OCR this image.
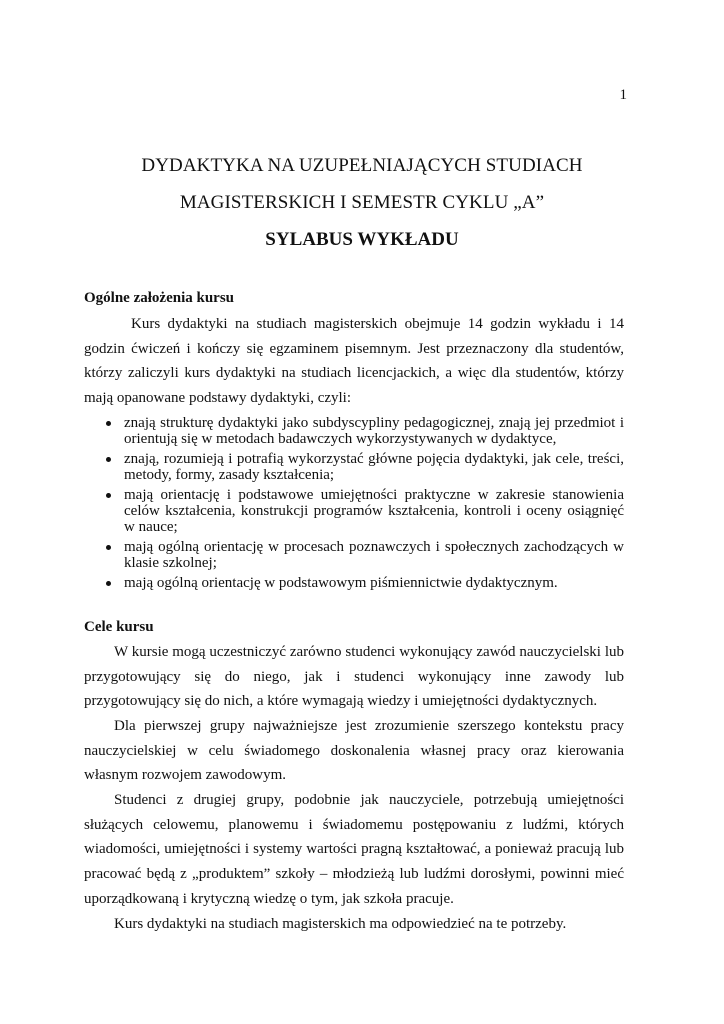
1
DYDAKTYKA NA UZUPEŁNIAJĄCYCH STUDIACH
MAGISTERSKICH I SEMESTR CYKLU „A”
SYLABUS WYKŁADU

Ogólne założenia kursu

Kurs dydaktyki na studiach magisterskich obejmuje 14 godzin wykładu i 14 godzin ćwiczeń i kończy się egzaminem pisemnym. Jest przeznaczony dla studentów, którzy zaliczyli kurs dydaktyki na studiach licencjackich, a więc dla studentów, którzy mają opanowane podstawy dydaktyki, czyli:

znają strukturę dydaktyki jako subdyscypliny pedagogicznej, znają jej przedmiot i orientują się w metodach badawczych wykorzystywanych w dydaktyce,
znają, rozumieją i potrafią wykorzystać główne pojęcia dydaktyki, jak cele, treści, metody, formy, zasady kształcenia;
mają orientację i podstawowe umiejętności praktyczne w zakresie stanowienia celów kształcenia, konstrukcji programów kształcenia, kontroli i oceny osiągnięć w nauce;
mają ogólną orientację w procesach poznawczych i społecznych zachodzących w klasie szkolnej;
mają ogólną orientację w podstawowym piśmiennictwie dydaktycznym.

Cele kursu

W kursie mogą uczestniczyć zarówno studenci wykonujący zawód nauczycielski lub przygotowujący się do niego, jak i studenci wykonujący inne zawody lub przygotowujący się do nich, a które wymagają wiedzy i umiejętności dydaktycznych.

Dla pierwszej grupy najważniejsze jest zrozumienie szerszego kontekstu pracy nauczycielskiej w celu świadomego doskonalenia własnej pracy oraz kierowania własnym rozwojem zawodowym.

Studenci z drugiej grupy, podobnie jak nauczyciele, potrzebują umiejętności służących celowemu, planowemu i świadomemu postępowaniu z ludźmi, których wiadomości, umiejętności i systemy wartości pragną kształtować, a ponieważ pracują lub pracować będą z „produktem” szkoły – młodzieżą lub ludźmi dorosłymi, powinni mieć uporządkowaną i krytyczną wiedzę o tym, jak szkoła pracuje.

Kurs dydaktyki na studiach magisterskich ma odpowiedzieć na te potrzeby.
